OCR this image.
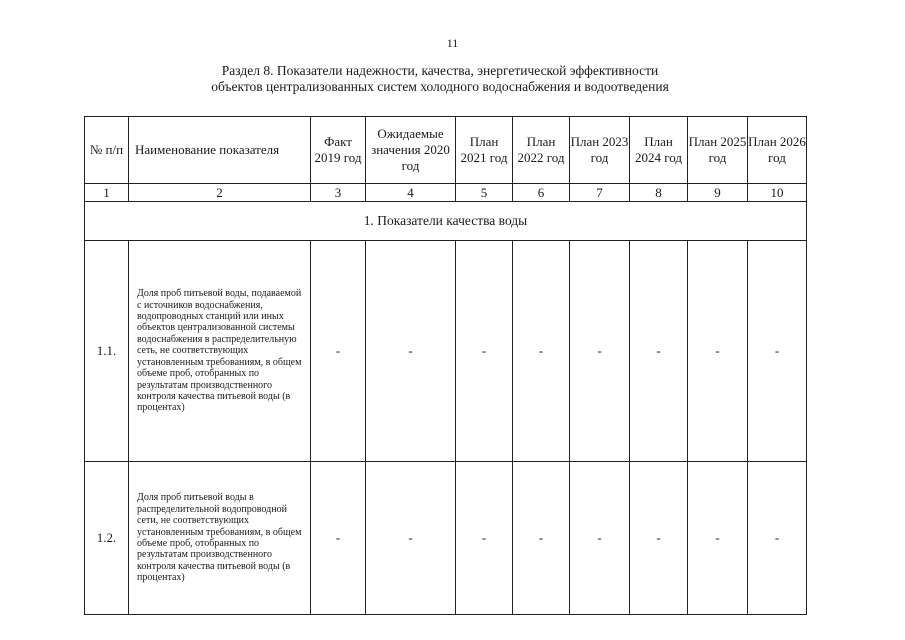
11
Раздел 8. Показатели надежности, качества, энергетической эффективности
объектов централизованных систем холодного водоснабжения и водоотведения
№ п/п	Наименование показателя	Факт 2019 год	Ожидаемые значения 2020 год	План 2021 год	План 2022 год	План 2023 год	План 2024 год	План 2025 год	План 2026 год
1	2	3	4	5	6	7	8	9	10
1. Показатели качества воды									
1.1.	Доля проб питьевой воды, подаваемой с источников водоснабжения, водопроводных станций или иных объектов централизованной системы водоснабжения в распределительную сеть, не соответствующих установленным требованиям, в общем объеме проб, отобранных по результатам производственного контроля качества питьевой воды (в процентах)	-	-	-	-	-	-	-	-
1.2.	Доля проб питьевой воды в распределительной водопроводной сети, не соответствующих установленным требованиям, в общем объеме проб, отобранных по результатам производственного контроля качества питьевой воды (в процентах)	-	-	-	-	-	-	-	-
